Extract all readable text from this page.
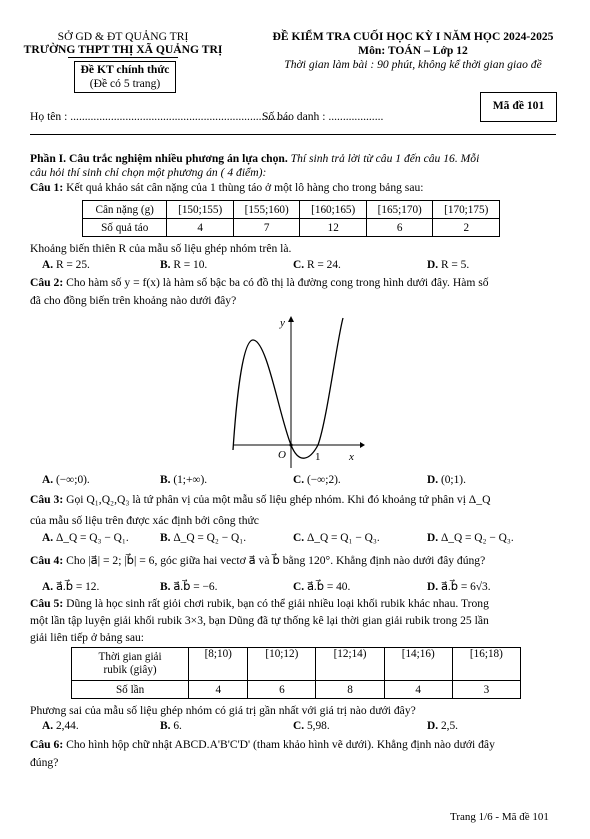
SỞ GD & ĐT QUẢNG TRỊ
TRƯỜNG THPT THỊ XÃ QUẢNG TRỊ
Đề KT chính thức
(Đề có 5 trang)
ĐỀ KIỂM TRA CUỐI HỌC KỲ I NĂM HỌC 2024-2025
Môn: TOÁN – Lớp 12
Thời gian làm bài : 90 phút, không kể thời gian giao đề
Họ tên : ............................................................................
Số báo danh : ...................
Mã đề 101
Phần I. Câu trắc nghiệm nhiều phương án lựa chọn. Thí sinh trả lời từ câu 1 đến câu 16. Mỗi
câu hỏi thí sinh chỉ chọn một phương án ( 4 điểm):
Câu 1: Kết quả khảo sát cân nặng của 1 thùng táo ở một lô hàng cho trong bảng sau:
Cân nặng (g)	[150;155)	[155;160)	[160;165)	[165;170)	[170;175)
Số quả táo	4	7	12	6	2
Khoảng biến thiên R của mẫu số liệu ghép nhóm trên là.
A. R = 25.	B. R = 10.	C. R = 24.	D. R = 5.
Câu 2: Cho hàm số y = f(x) là hàm số bậc ba có đồ thị là đường cong trong hình dưới đây. Hàm số
đã cho đồng biến trên khoảng nào dưới đây?
y
x
O	1
A. (−∞;0).	B. (1;+∞).	C. (−∞;2).	D. (0;1).
Câu 3: Gọi Q₁,Q₂,Q₃ là tứ phân vị của một mẫu số liệu ghép nhóm. Khi đó khoảng tứ phân vị Δ_Q
của mẫu số liệu trên được xác định bởi công thức
A. Δ_Q = Q₃ − Q₁.	B. Δ_Q = Q₂ − Q₁.	C. Δ_Q = Q₁ − Q₃.	D. Δ_Q = Q₂ − Q₃.
Câu 4: Cho |a⃗| = 2; |b⃗| = 6, góc giữa hai vectơ a⃗ và b⃗ bằng 120°. Khẳng định nào dưới đây đúng?
A. a⃗.b⃗ = 12.	B. a⃗.b⃗ = −6.	C. a⃗.b⃗ = 40.	D. a⃗.b⃗ = 6√3.
Câu 5: Dũng là học sinh rất giỏi chơi rubik, bạn có thể giải nhiều loại khối rubik khác nhau. Trong
một lần tập luyện giải khối rubik 3×3, bạn Dũng đã tự thống kê lại thời gian giải rubik trong 25 lần
giải liên tiếp ở bảng sau:
Thời gian giải
rubik (giây)	[8;10)	[10;12)	[12;14)	[14;16)	[16;18)
Số lần	4	6	8	4	3
Phương sai của mẫu số liệu ghép nhóm có giá trị gần nhất với giá trị nào dưới đây?
A. 2,44.	B. 6.	C. 5,98.	D. 2,5.
Câu 6: Cho hình hộp chữ nhật ABCD.A'B'C'D' (tham khảo hình vẽ dưới). Khẳng định nào dưới đây
đúng?
Trang 1/6 - Mã đề 101
